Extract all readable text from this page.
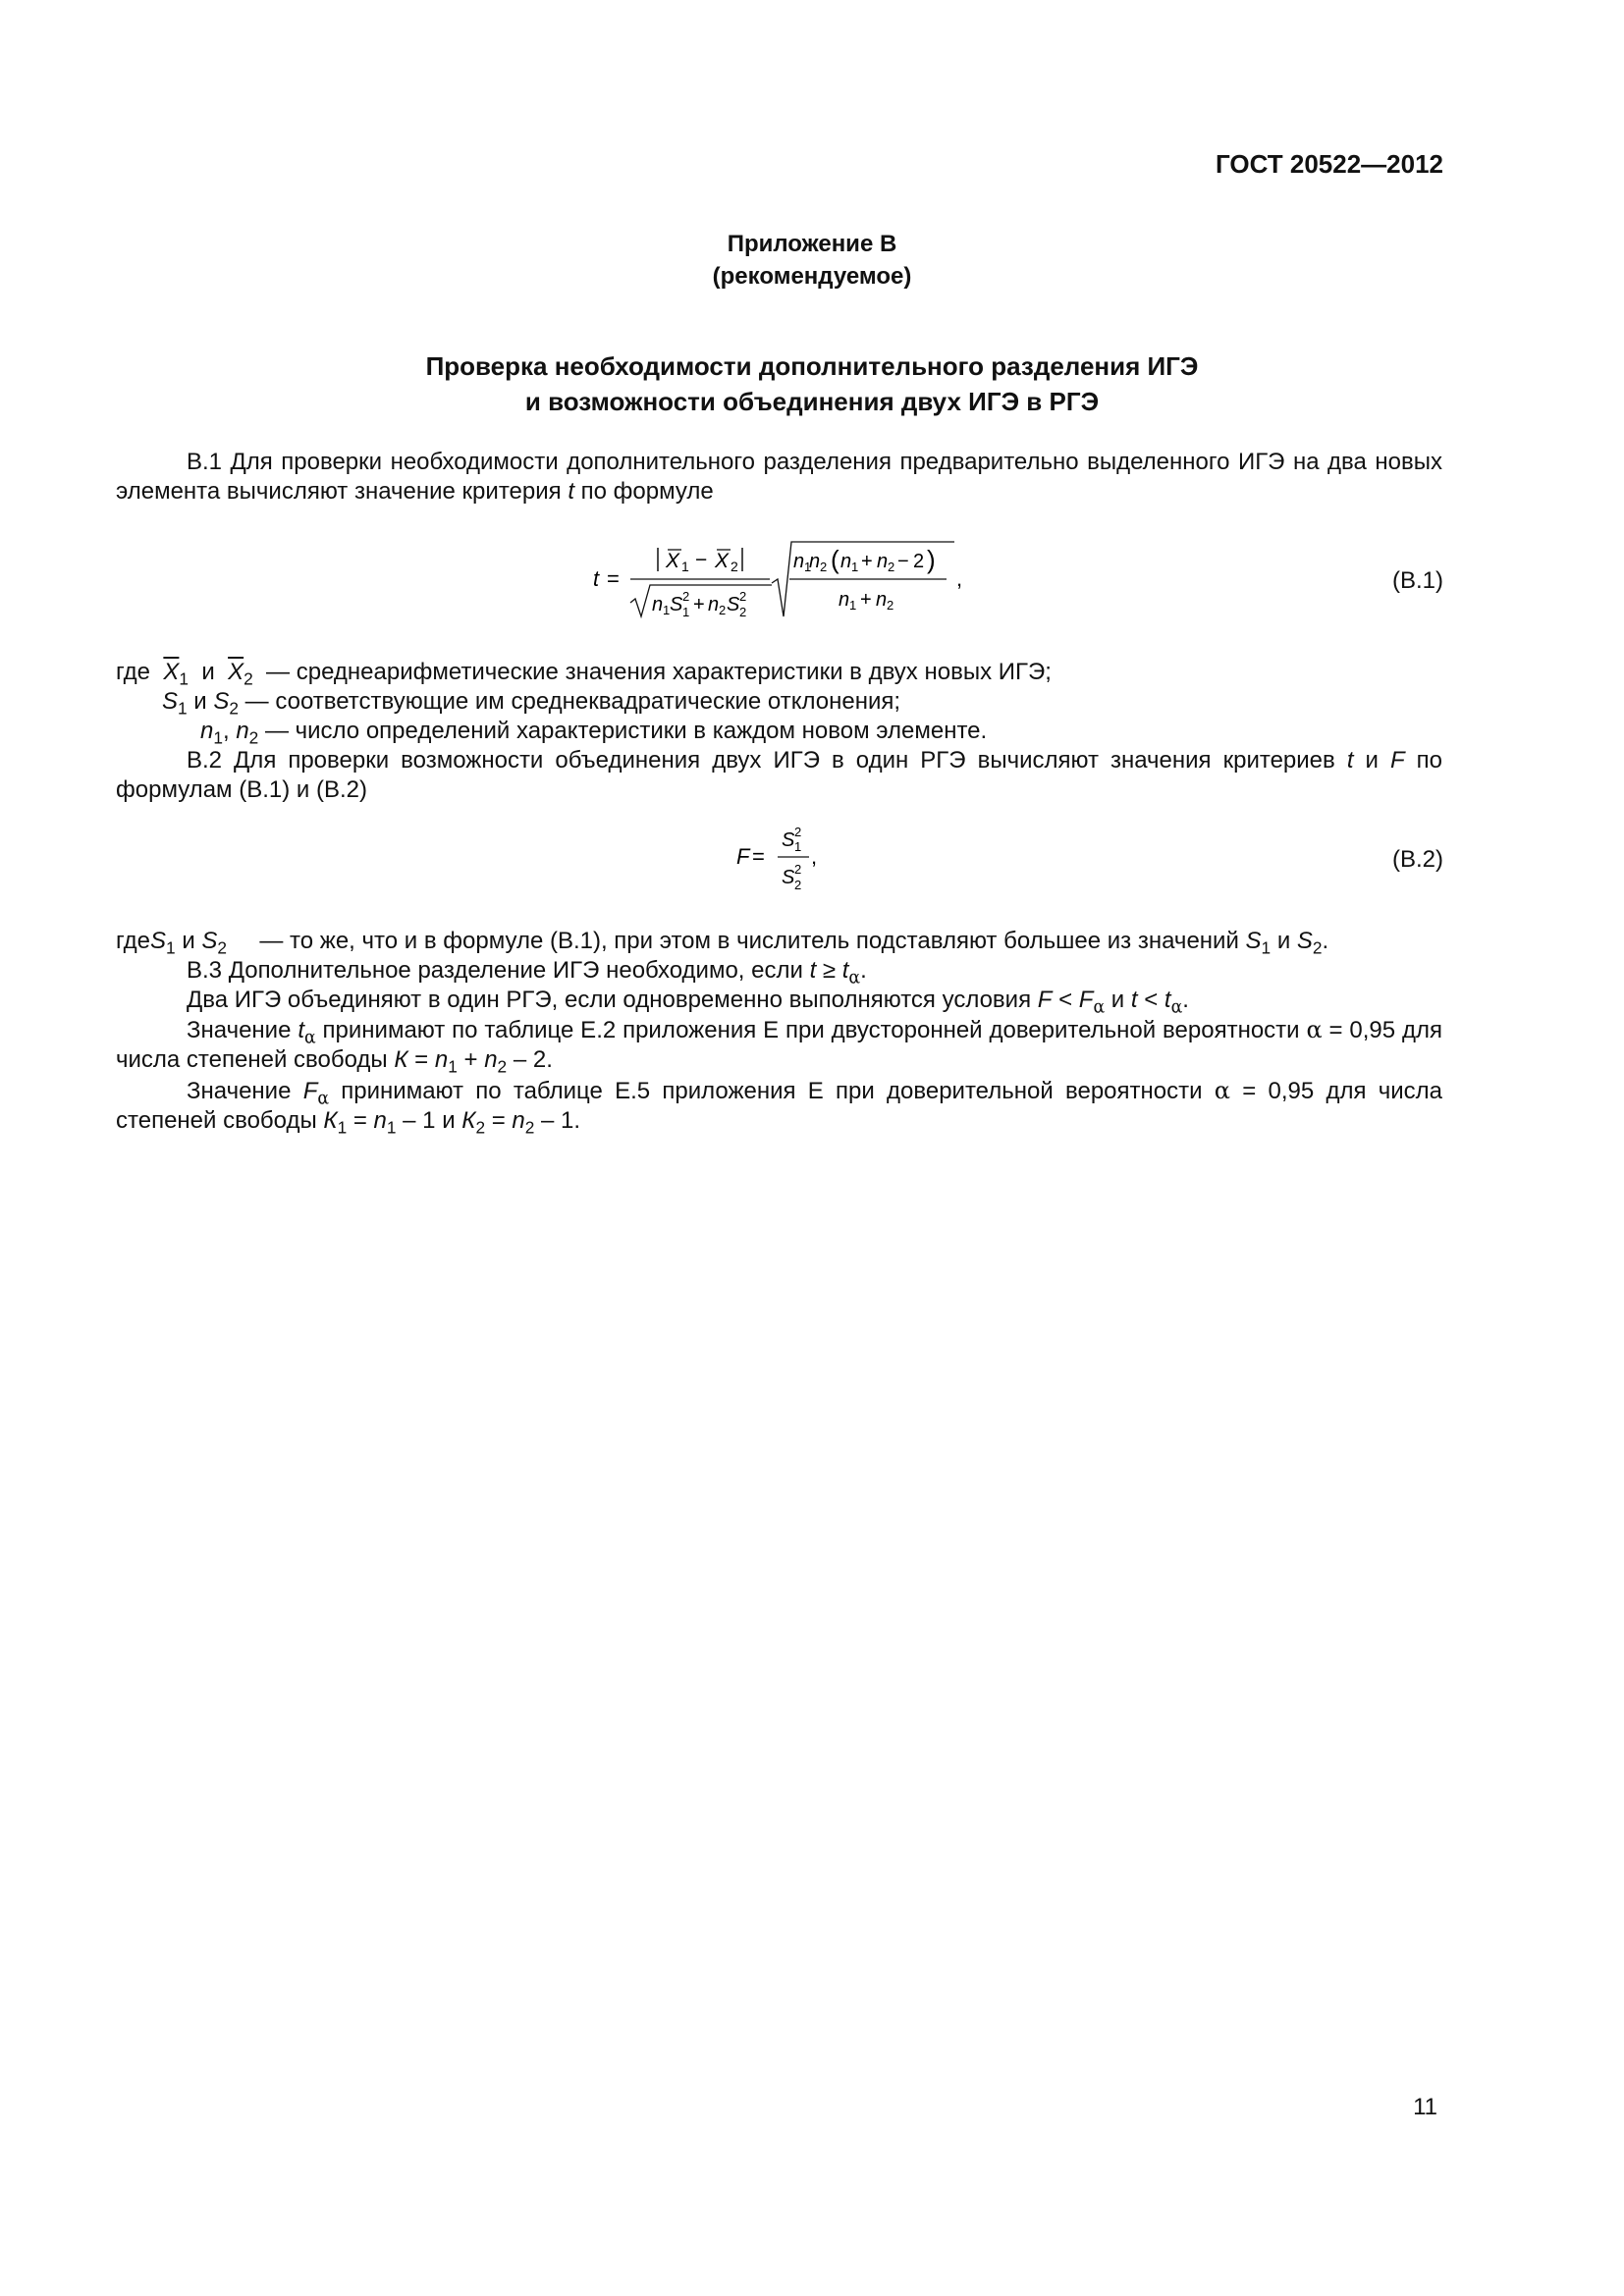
ГОСТ 20522—2012
Приложение В
(рекомендуемое)
Проверка необходимости дополнительного разделения ИГЭ
и возможности объединения двух ИГЭ в РГЭ
В.1 Для проверки необходимости дополнительного разделения предварительно выделенного ИГЭ на два новых элемента вычисляют значение критерия t по формуле
t =
X 1 − X 2
n 1 S 2
1 + n 2 S 2
2
n 1
n 2 ( n 1 + n 2 − 2 )
n 1 + n 2
,	(В.1)
где $\overline{X}_1$ и $\overline{X}_2$  — среднеарифметические значения характеристики в двух новых ИГЭ;
$S_1$ и $S_2$ — соответствующие им среднеквадратические отклонения;
$n_1$, $n_2$ — число определений характеристики в каждом новом элементе.
В.2 Для проверки возможности объединения двух ИГЭ в один РГЭ вычисляют значения критериев t и F по формулам (В.1) и (В.2)
F =
S 2
1
S 2
2
,	(В.2)
гдеS$_1$ и $S_2$ — то же, что и в формуле (В.1), при этом в числитель подставляют большее из значений $S_1$ и $S_2$.
В.3 Дополнительное разделение ИГЭ необходимо, если $t \ge t_\alpha$.
Два ИГЭ объединяют в один РГЭ, если одновременно выполняются условия $F < F_\alpha$ и $t < t_\alpha$.
Значение $t_\alpha$ принимают по таблице Е.2 приложения Е при двусторонней доверительной вероятности α = 0,95 для числа степеней свободы $К = n_1 + n_2 - 2$.
Значение $F_\alpha$ принимают по таблице Е.5 приложения Е при доверительной вероятности α = 0,95 для числа степеней свободы $К_1 = n_1 - 1$ и $К_2 = n_2 - 1$.
11
